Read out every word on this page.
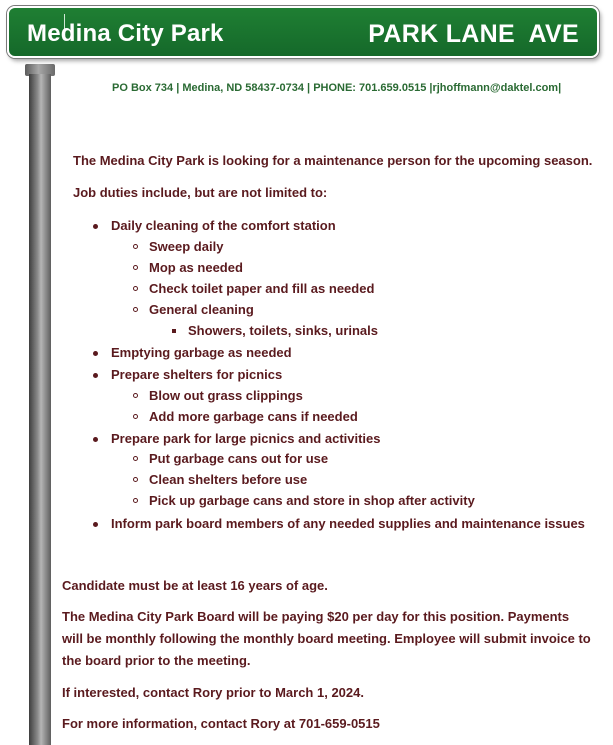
Medina City Park	PARK LANE  AVE
PO Box 734 | Medina, ND 58437-0734 | PHONE: 701.659.0515 |rjhoffmann@daktel.com|
The Medina City Park is looking for a maintenance person for the upcoming season.
Job duties include, but are not limited to:
Daily cleaning of the comfort station
Sweep daily
Mop as needed
Check toilet paper and fill as needed
General cleaning
Showers, toilets, sinks, urinals
Emptying garbage as needed
Prepare shelters for picnics
Blow out grass clippings
Add more garbage cans if needed
Prepare park for large picnics and activities
Put garbage cans out for use
Clean shelters before use
Pick up garbage cans and store in shop after activity
Inform park board members of any needed supplies and maintenance issues
Candidate must be at least 16 years of age.
The Medina City Park Board will be paying $20 per day for this position. Payments will be monthly following the monthly board meeting. Employee will submit invoice to the board prior to the meeting.
If interested, contact Rory prior to March 1, 2024.
For more information, contact Rory at 701-659-0515
